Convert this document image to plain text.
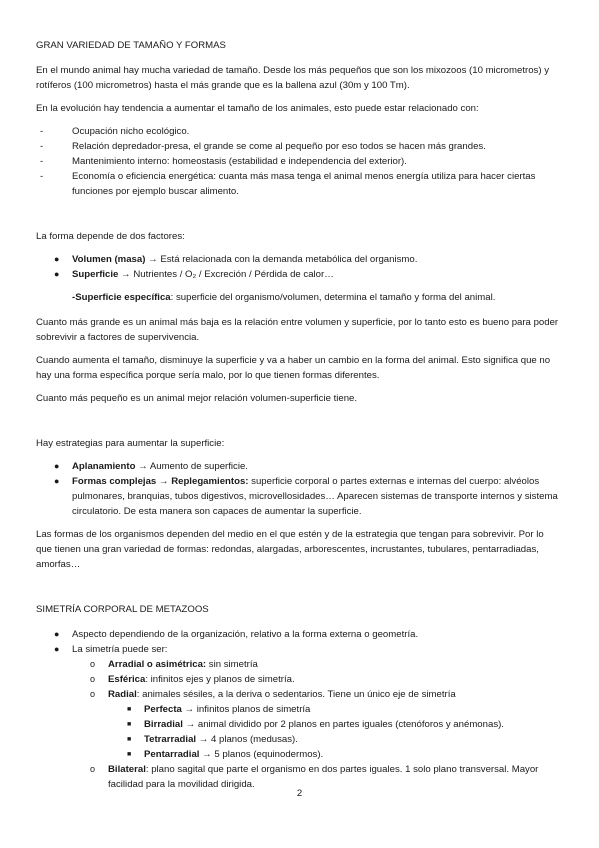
GRAN VARIEDAD DE TAMAÑO Y FORMAS

En el mundo animal hay mucha variedad de tamaño. Desde los más pequeños que son los mixozoos (10 micrometros) y rotíferos (100 micrometros) hasta el más grande que es la ballena azul (30m y 100 Tm).

En la evolución hay tendencia a aumentar el tamaño de los animales, esto puede estar relacionado con:

- Ocupación nicho ecológico.
- Relación depredador-presa, el grande se come al pequeño por eso todos se hacen más grandes.
- Mantenimiento interno: homeostasis (estabilidad e independencia del exterior).
- Economía o eficiencia energética: cuanta más masa tenga el animal menos energía utiliza para hacer ciertas funciones por ejemplo buscar alimento.

La forma depende de dos factores:

● Volumen (masa) → Está relacionada con la demanda metabólica del organismo.
● Superficie → Nutrientes / O₂ / Excreción / Pérdida de calor…
-Superficie específica: superficie del organismo/volumen, determina el tamaño y forma del animal.

Cuanto más grande es un animal más baja es la relación entre volumen y superficie, por lo tanto esto es bueno para poder sobrevivir a factores de supervivencia.

Cuando aumenta el tamaño, disminuye la superficie y va a haber un cambio en la forma del animal. Esto significa que no hay una forma específica porque sería malo, por lo que tienen formas diferentes.

Cuanto más pequeño es un animal mejor relación volumen-superficie tiene.

Hay estrategias para aumentar la superficie:

● Aplanamiento → Aumento de superficie.
● Formas complejas → Replegamientos: superficie corporal o partes externas e internas del cuerpo: alvéolos pulmonares, branquias, tubos digestivos, microvellosidades… Aparecen sistemas de transporte internos y sistema circulatorio. De esta manera son capaces de aumentar la superficie.

Las formas de los organismos dependen del medio en el que estén y de la estrategia que tengan para sobrevivir. Por lo que tienen una gran variedad de formas: redondas, alargadas, arborescentes, incrustantes, tubulares, pentarradiadas, amorfas…

SIMETRÍA CORPORAL DE METAZOOS
● Aspecto dependiendo de la organización, relativo a la forma externa o geometría.
● La simetría puede ser:
o Arradial o asimétrica: sin simetría
o Esférica: infinitos ejes y planos de simetría.
o Radial: animales sésiles, a la deriva o sedentarios. Tiene un único eje de simetría
■ Perfecta → infinitos planos de simetría
■ Birradial → animal dividido por 2 planos en partes iguales (ctenóforos y anémonas).
■ Tetrarradial → 4 planos (medusas).
■ Pentarradial → 5 planos (equinodermos).
o Bilateral: plano sagital que parte el organismo en dos partes iguales. 1 solo plano transversal. Mayor facilidad para la movilidad dirigida.
2
